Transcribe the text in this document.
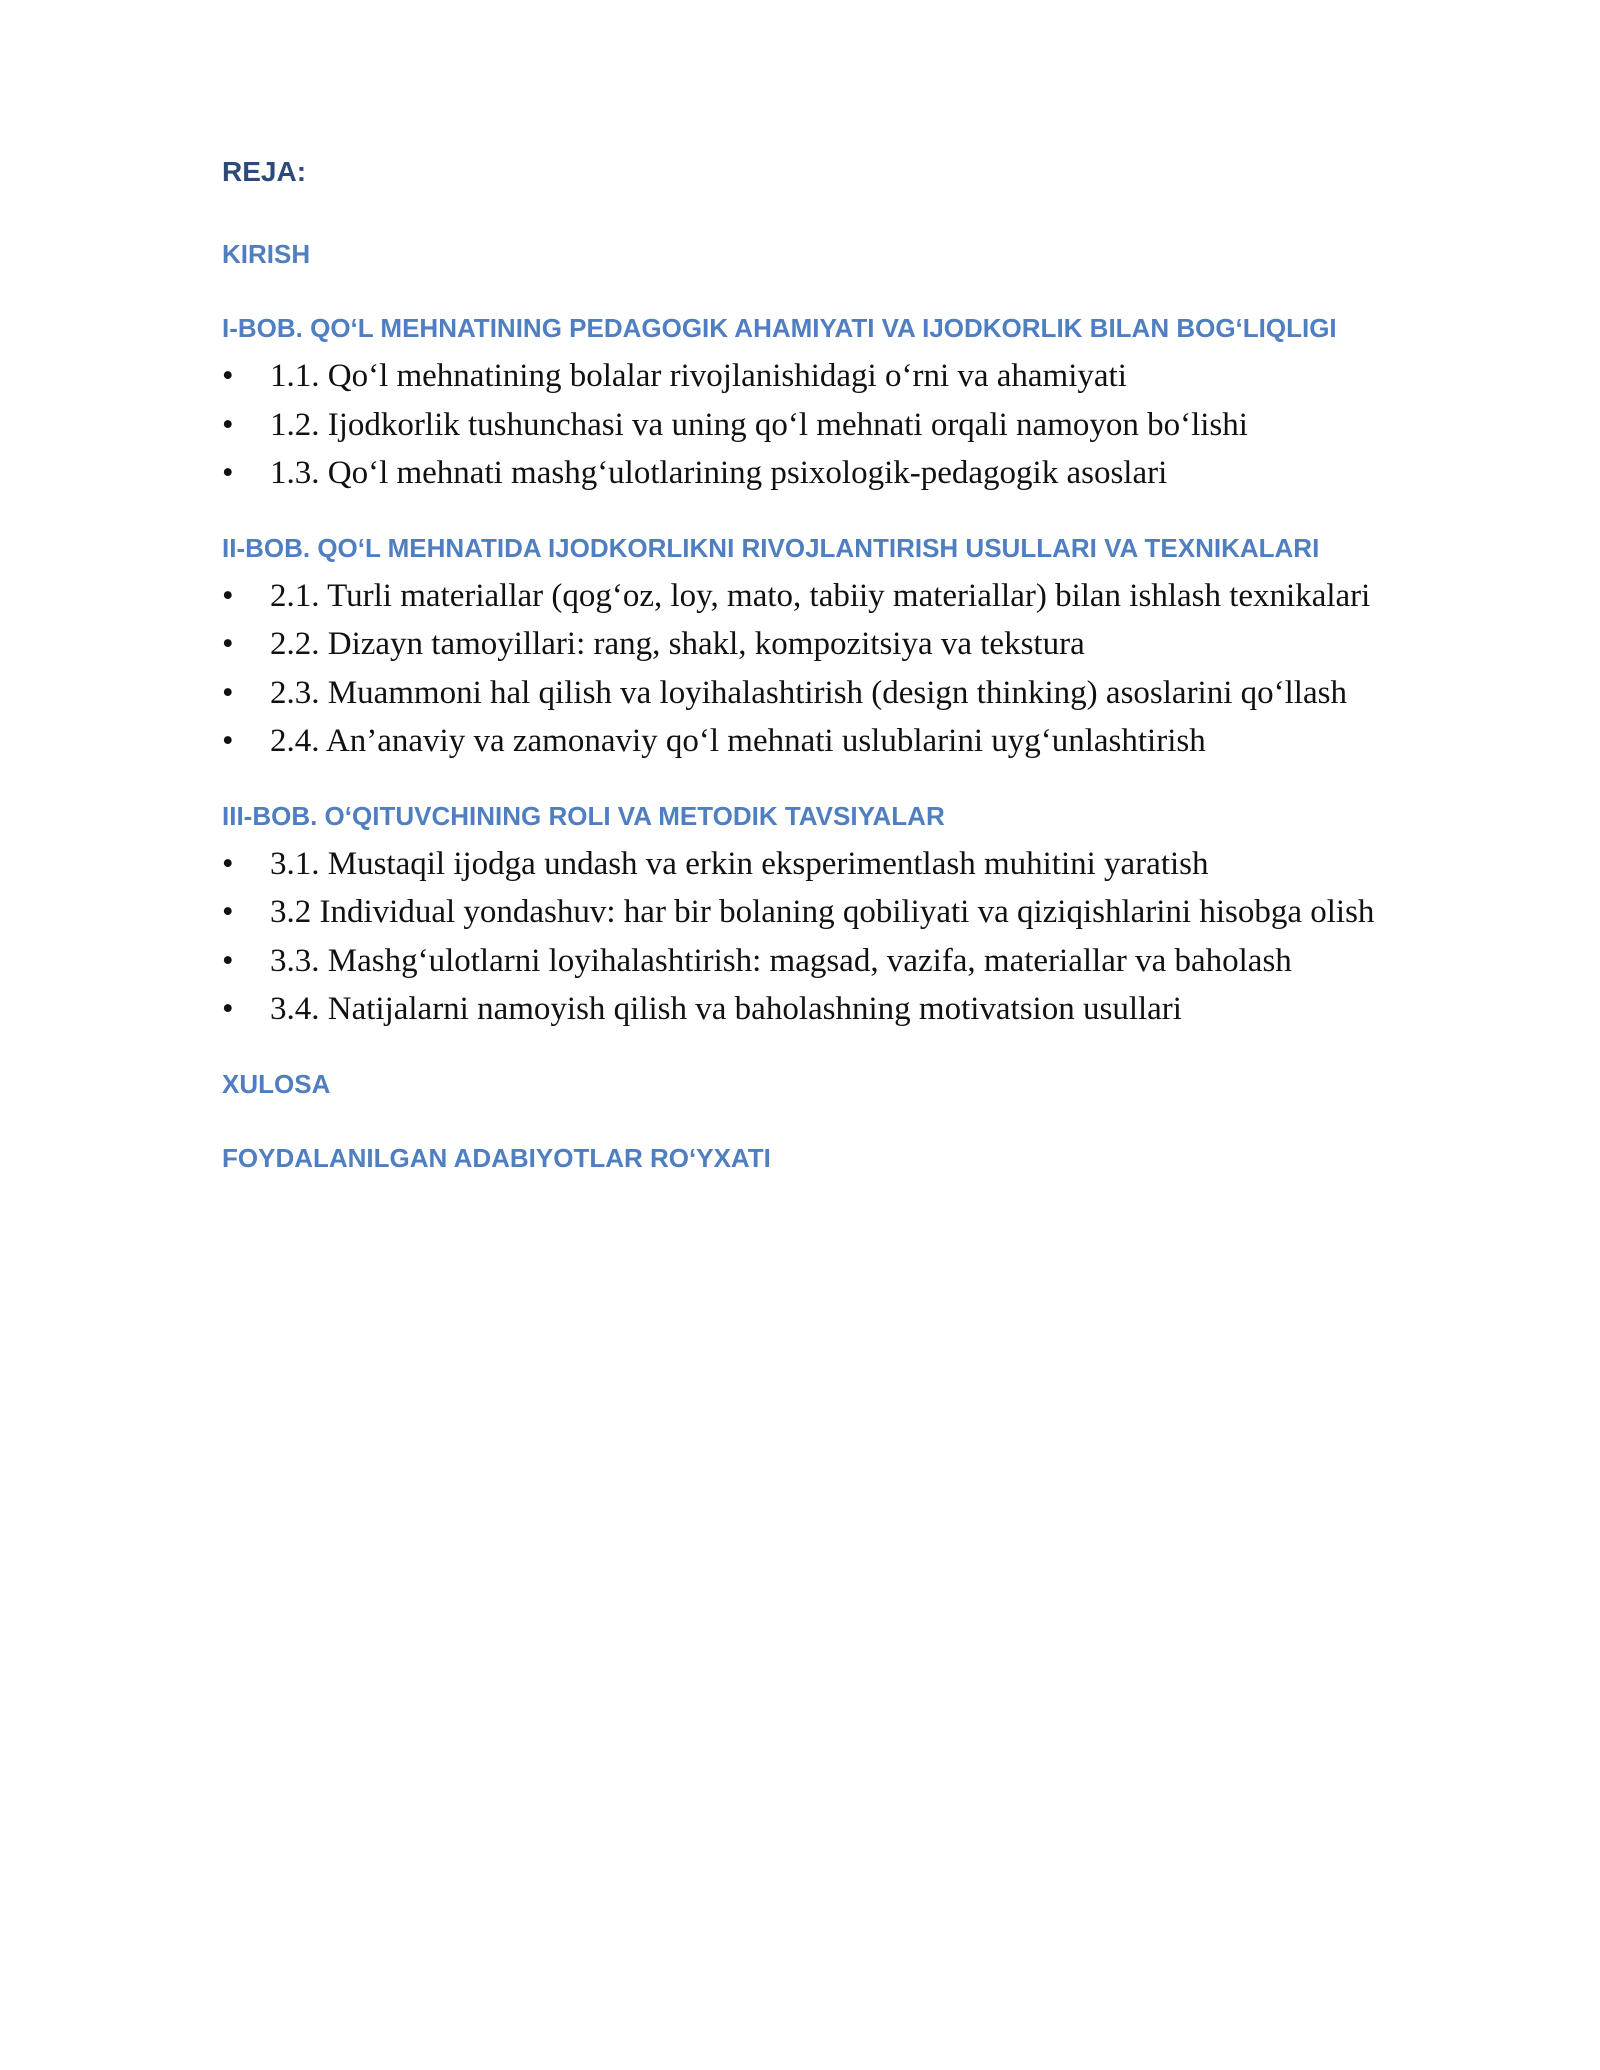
REJA:
KIRISH
I-BOB. QO‘L MEHNATINING PEDAGOGIK AHAMIYATI VA IJODKORLIK BILAN BOG‘LIQLIGI
• 1.1. Qo‘l mehnatining bolalar rivojlanishidagi o‘rni va ahamiyati
• 1.2. Ijodkorlik tushunchasi va uning qo‘l mehnati orqali namoyon bo‘lishi
• 1.3. Qo‘l mehnati mashg‘ulotlarining psixologik-pedagogik asoslari
II-BOB. QO‘L MEHNATIDA IJODKORLIKNI RIVOJLANTIRISH USULLARI VA TEXNIKALARI
• 2.1. Turli materiallar (qog‘oz, loy, mato, tabiiy materiallar) bilan ishlash texnikalari
• 2.2. Dizayn tamoyillari: rang, shakl, kompozitsiya va tekstura
• 2.3. Muammoni hal qilish va loyihalashtirish (design thinking) asoslarini qo‘llash
• 2.4. An’anaviy va zamonaviy qo‘l mehnati uslublarini uyg‘unlashtirish
III-BOB. O‘QITUVCHINING ROLI VA METODIK TAVSIYALAR
• 3.1. Mustaqil ijodga undash va erkin eksperimentlash muhitini yaratish
• 3.2 Individual yondashuv: har bir bolaning qobiliyati va qiziqishlarini hisobga olish
• 3.3. Mashg‘ulotlarni loyihalashtirish: magsad, vazifa, materiallar va baholash
• 3.4. Natijalarni namoyish qilish va baholashning motivatsion usullari
XULOSA
FOYDALANILGAN ADABIYOTLAR RO‘YXATI
